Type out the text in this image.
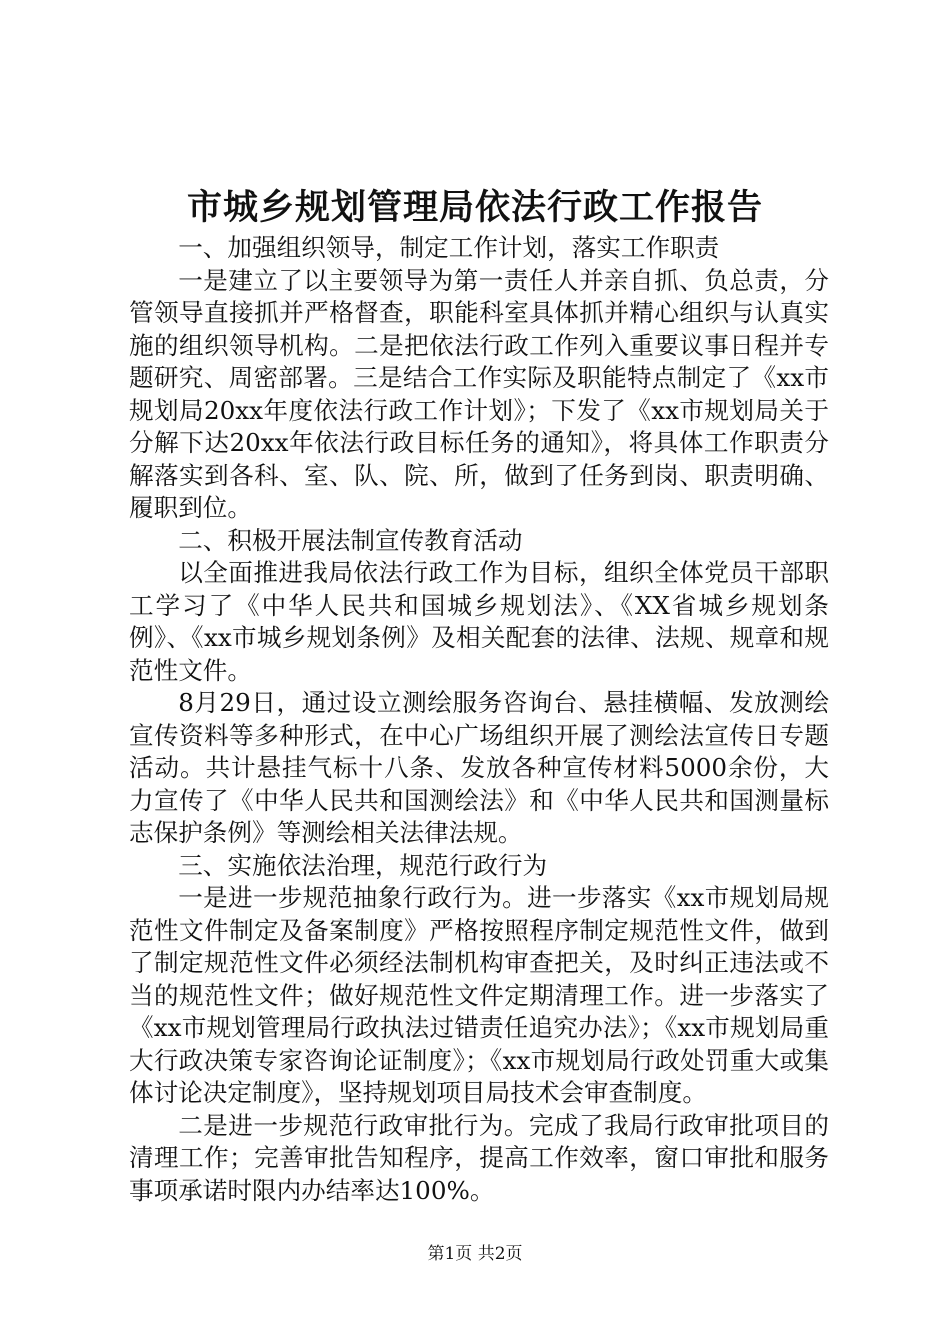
市城乡规划管理局依法行政工作报告

一、加强组织领导，制定工作计划，落实工作职责

一是建立了以主要领导为第一责任人并亲自抓、负总责，分管领导直接抓并严格督查，职能科室具体抓并精心组织与认真实施的组织领导机构。二是把依法行政工作列入重要议事日程并专题研究、周密部署。三是结合工作实际及职能特点制定了《xx市规划局20xx年度依法行政工作计划》；下发了《xx市规划局关于分解下达20xx年依法行政目标任务的通知》，将具体工作职责分解落实到各科、室、队、院、所，做到了任务到岗、职责明确、履职到位。

二、积极开展法制宣传教育活动

以全面推进我局依法行政工作为目标，组织全体党员干部职工学习了《中华人民共和国城乡规划法》、《XX省城乡规划条例》、《xx市城乡规划条例》及相关配套的法律、法规、规章和规范性文件。

8月29日，通过设立测绘服务咨询台、悬挂横幅、发放测绘宣传资料等多种形式，在中心广场组织开展了测绘法宣传日专题活动。共计悬挂气标十八条、发放各种宣传材料5000余份，大力宣传了《中华人民共和国测绘法》和《中华人民共和国测量标志保护条例》等测绘相关法律法规。

三、实施依法治理，规范行政行为

一是进一步规范抽象行政行为。进一步落实《xx市规划局规范性文件制定及备案制度》严格按照程序制定规范性文件，做到了制定规范性文件必须经法制机构审查把关，及时纠正违法或不当的规范性文件；做好规范性文件定期清理工作。进一步落实了《xx市规划管理局行政执法过错责任追究办法》；《xx市规划局重大行政决策专家咨询论证制度》；《xx市规划局行政处罚重大或集体讨论决定制度》，坚持规划项目局技术会审查制度。

二是进一步规范行政审批行为。完成了我局行政审批项目的清理工作；完善审批告知程序，提高工作效率，窗口审批和服务事项承诺时限内办结率达100%。

第1页 共2页
